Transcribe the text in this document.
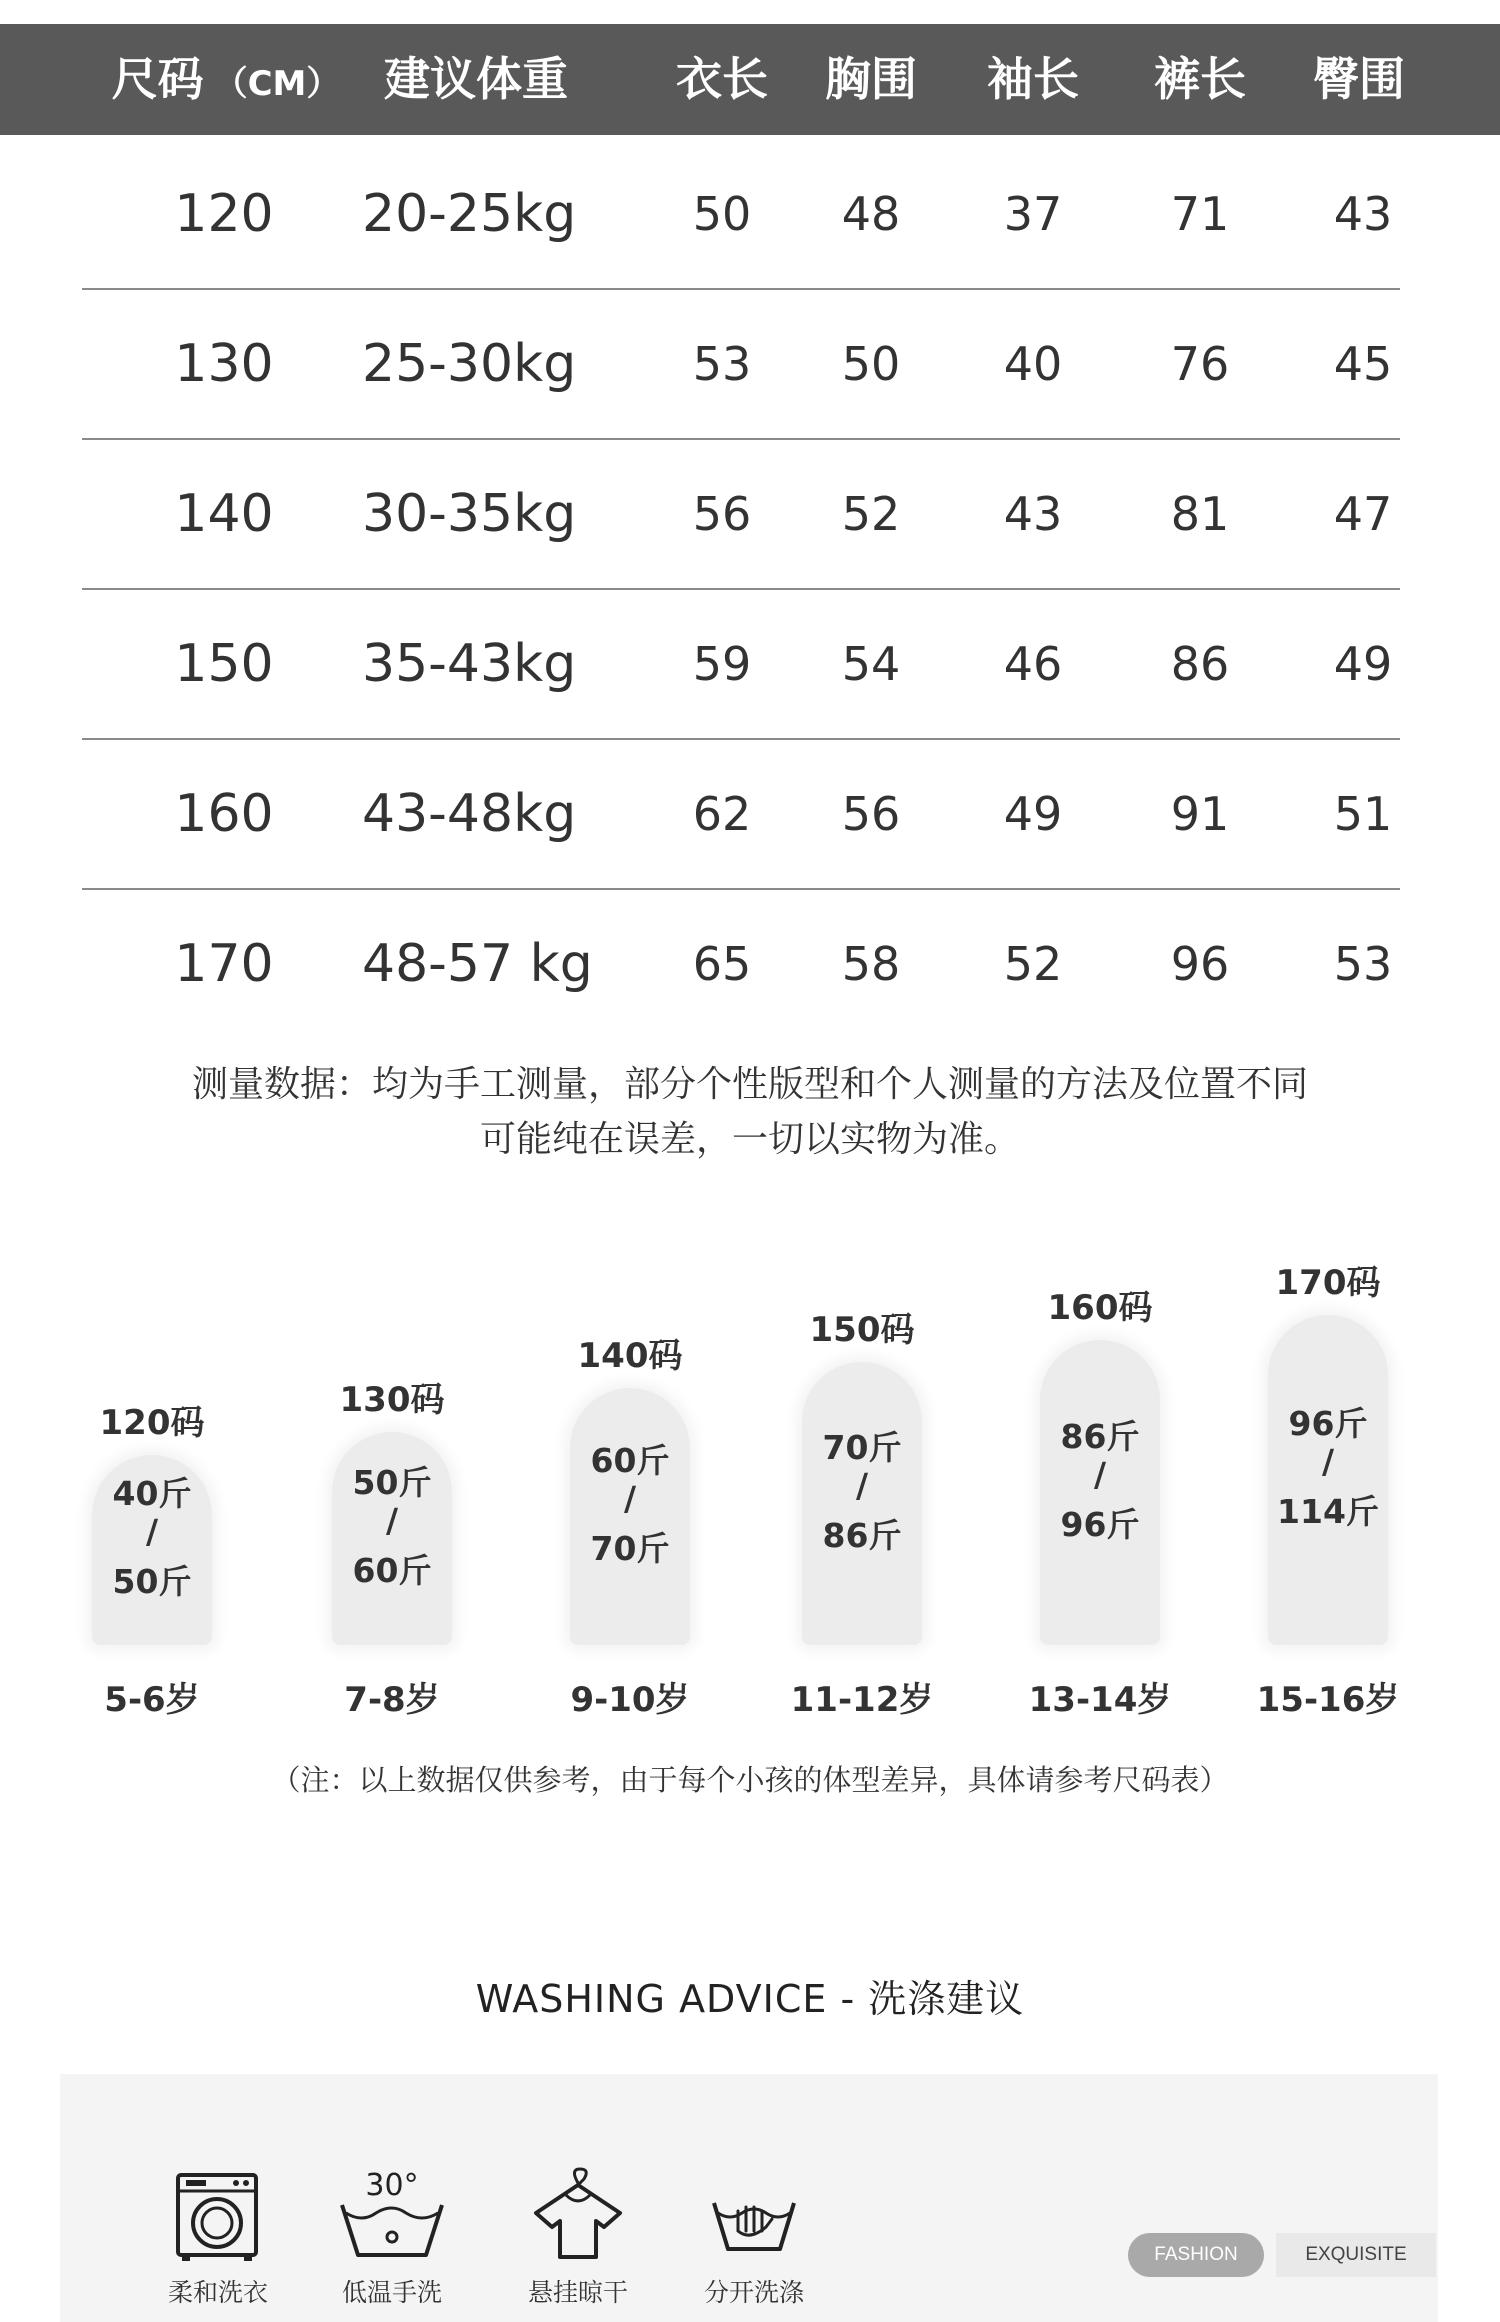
尺码 （CM） 建议体重 衣长 胸围 袖长 裤长 臀围
120 20-25kg	50 48 37 71 43
130 25-30kg	53 50 40 76 45
140 30-35kg	56 52 43 81 47
150 35-43kg	59 54 46 86 49
160 43-48kg	62 56 49 91 51
170 48-57 kg 65 58 52 96 53
测量数据：均为手工测量，部分个性版型和个人测量的方法及位置不同
可能纯在误差，一切以实物为准。
120码
40斤
/
50斤
5-6岁
130码
50斤
/
60斤
7-8岁
140码
60斤
/
70斤
9-10岁
150码
70斤
/
86斤
11-12岁
160码
86斤
/
96斤
13-14岁
170码
96斤
/
114斤
15-16岁
（注：以上数据仅供参考，由于每个小孩的体型差异，具体请参考尺码表）
WASHING ADVICE - 洗涤建议
30°
柔和洗衣	低温手洗	悬挂晾干	分开洗涤
FASHION	EXQUISITE
